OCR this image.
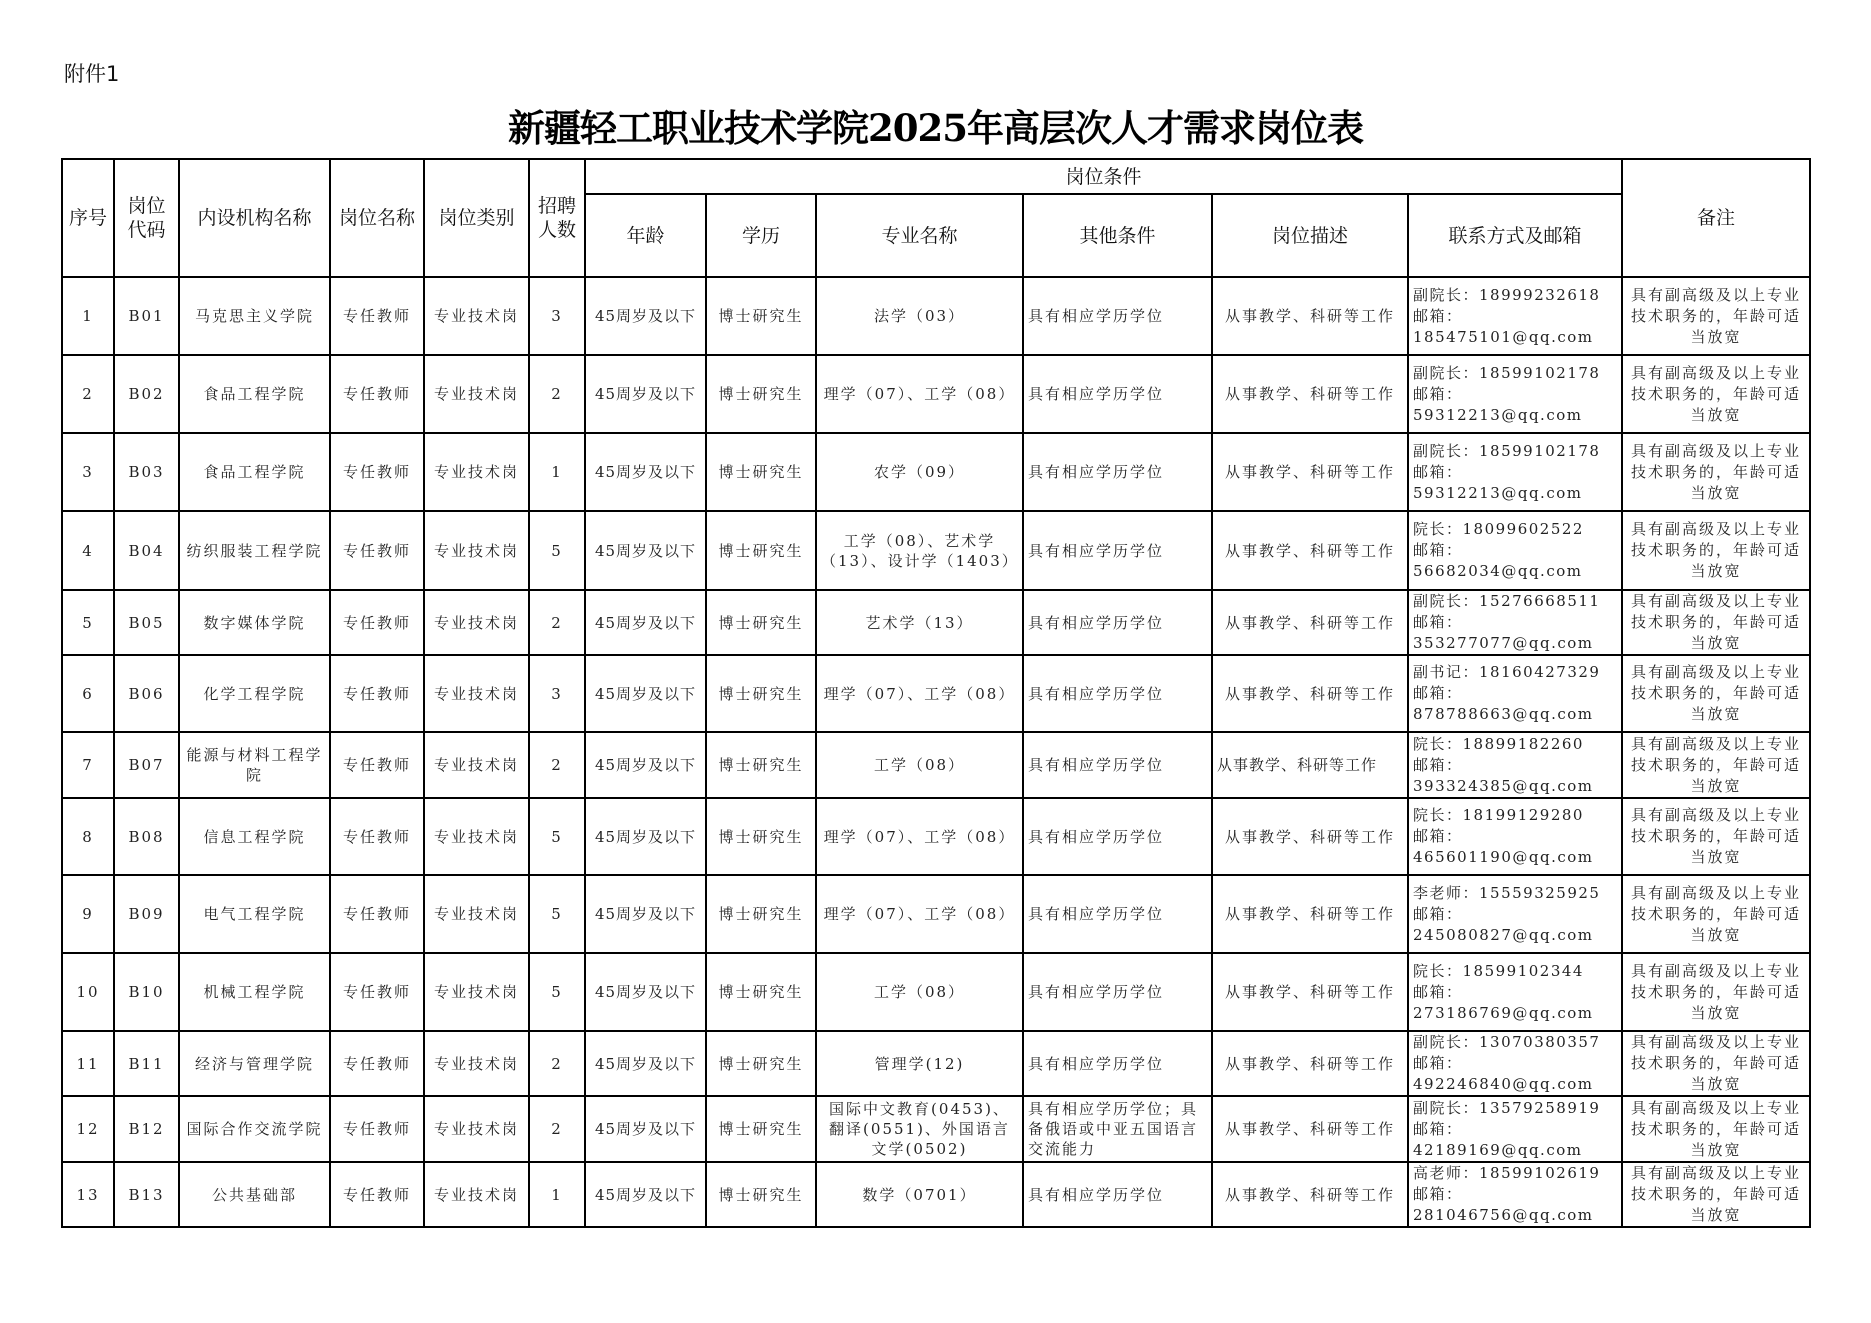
附件1
新疆轻工职业技术学院2025年高层次人才需求岗位表
序号	岗位代码	内设机构名称	岗位名称	岗位类别	招聘人数	岗位条件						备注
						年龄	学历	专业名称	其他条件	岗位描述	联系方式及邮箱	
1	B01	马克思主义学院	专任教师	专业技术岗	3	45周岁及以下	博士研究生	法学（03）	具有相应学历学位	从事教学、科研等工作	副院长：18999232618
邮箱：185475101@qq.com	具有副高级及以上专业技术职务的，年龄可适当放宽
2	B02	食品工程学院	专任教师	专业技术岗	2	45周岁及以下	博士研究生	理学（07）、工学（08）	具有相应学历学位	从事教学、科研等工作	副院长：18599102178
邮箱：59312213@qq.com	具有副高级及以上专业技术职务的，年龄可适当放宽
3	B03	食品工程学院	专任教师	专业技术岗	1	45周岁及以下	博士研究生	农学（09）	具有相应学历学位	从事教学、科研等工作	副院长：18599102178
邮箱：59312213@qq.com	具有副高级及以上专业技术职务的，年龄可适当放宽
4	B04	纺织服装工程学院	专任教师	专业技术岗	5	45周岁及以下	博士研究生	工学（08）、艺术学（13）、设计学（1403）	具有相应学历学位	从事教学、科研等工作	院长：18099602522
邮箱：56682034@qq.com	具有副高级及以上专业技术职务的，年龄可适当放宽
5	B05	数字媒体学院	专任教师	专业技术岗	2	45周岁及以下	博士研究生	艺术学（13）	具有相应学历学位	从事教学、科研等工作	副院长：15276668511
邮箱：353277077@qq.com	具有副高级及以上专业技术职务的，年龄可适当放宽
6	B06	化学工程学院	专任教师	专业技术岗	3	45周岁及以下	博士研究生	理学（07）、工学（08）	具有相应学历学位	从事教学、科研等工作	副书记：18160427329
邮箱：878788663@qq.com	具有副高级及以上专业技术职务的，年龄可适当放宽
7	B07	能源与材料工程学院	专任教师	专业技术岗	2	45周岁及以下	博士研究生	工学（08）	具有相应学历学位	从事教学、科研等工作	院长：18899182260
邮箱：393324385@qq.com	具有副高级及以上专业技术职务的，年龄可适当放宽
8	B08	信息工程学院	专任教师	专业技术岗	5	45周岁及以下	博士研究生	理学（07）、工学（08）	具有相应学历学位	从事教学、科研等工作	院长：18199129280
邮箱：465601190@qq.com	具有副高级及以上专业技术职务的，年龄可适当放宽
9	B09	电气工程学院	专任教师	专业技术岗	5	45周岁及以下	博士研究生	理学（07）、工学（08）	具有相应学历学位	从事教学、科研等工作	李老师：15559325925
邮箱：245080827@qq.com	具有副高级及以上专业技术职务的，年龄可适当放宽
10	B10	机械工程学院	专任教师	专业技术岗	5	45周岁及以下	博士研究生	工学（08）	具有相应学历学位	从事教学、科研等工作	院长：18599102344
邮箱：273186769@qq.com	具有副高级及以上专业技术职务的，年龄可适当放宽
11	B11	经济与管理学院	专任教师	专业技术岗	2	45周岁及以下	博士研究生	管理学(12)	具有相应学历学位	从事教学、科研等工作	副院长：13070380357
邮箱：492246840@qq.com	具有副高级及以上专业技术职务的，年龄可适当放宽
12	B12	国际合作交流学院	专任教师	专业技术岗	2	45周岁及以下	博士研究生	国际中文教育(0453)、翻译(0551)、外国语言文学(0502)	具有相应学历学位；具备俄语或中亚五国语言交流能力	从事教学、科研等工作	副院长：13579258919
邮箱：42189169@qq.com	具有副高级及以上专业技术职务的，年龄可适当放宽
13	B13	公共基础部	专任教师	专业技术岗	1	45周岁及以下	博士研究生	数学（0701）	具有相应学历学位	从事教学、科研等工作	高老师：18599102619
邮箱：281046756@qq.com	具有副高级及以上专业技术职务的，年龄可适当放宽
